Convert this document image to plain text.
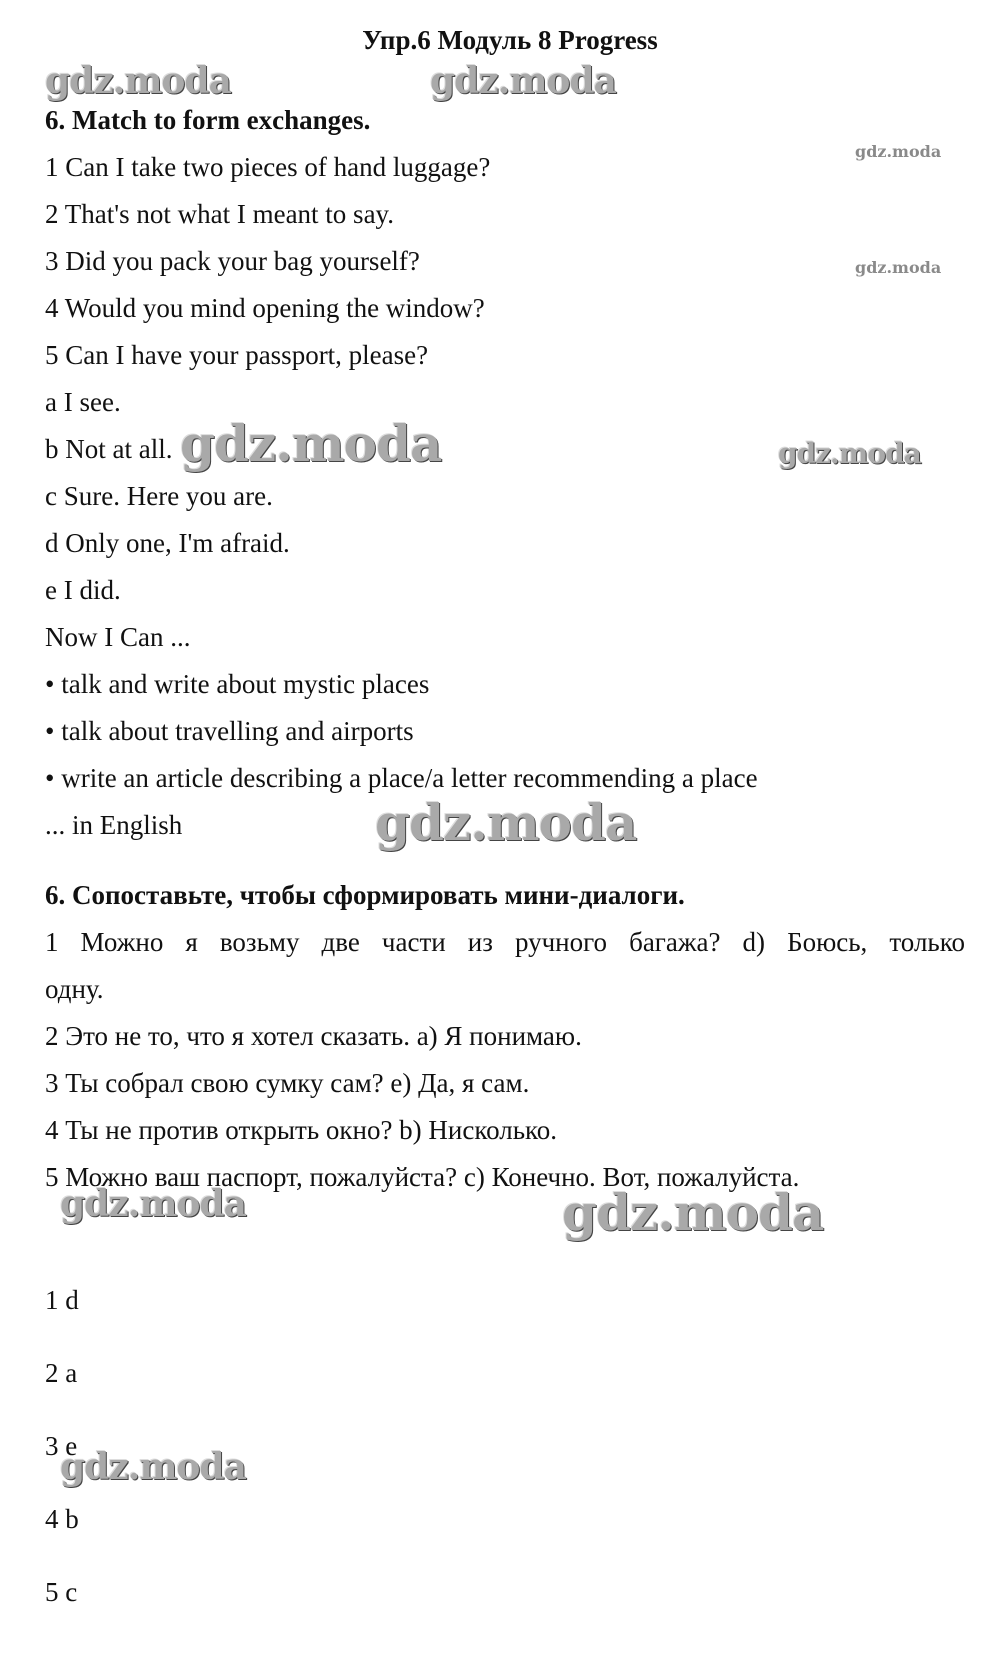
Упр.6 Модуль 8 Progress
gdz.moda	gdz.moda
gdz.moda
gdz.moda
gdz.moda	gdz.moda
gdz.moda
gdz.moda	gdz.moda
gdz.moda
6. Match to form exchanges.
1 Can I take two pieces of hand luggage?
2 That's not what I meant to say.
3 Did you pack your bag yourself?
4 Would you mind opening the window?
5 Can I have your passport, please?
a I see.
b Not at all.
c Sure. Here you are.
d Only one, I'm afraid.
e I did.
Now I Can ...
• talk and write about mystic places
• talk about travelling and airports
• write an article describing a place/a letter recommending a place
... in English
6. Сопоставьте, чтобы сформировать мини-диалоги.
1 Можно я возьму две части из ручного багажа? d) Боюсь, только
одну.
2 Это не то, что я хотел сказать. а) Я понимаю.
3 Ты собрал свою сумку сам? е) Да, я сам.
4 Ты не против открыть окно? b) Нисколько.
5 Можно ваш паспорт, пожалуйста? с) Конечно. Вот, пожалуйста.
1 d
2 a
3 e
4 b
5 c
